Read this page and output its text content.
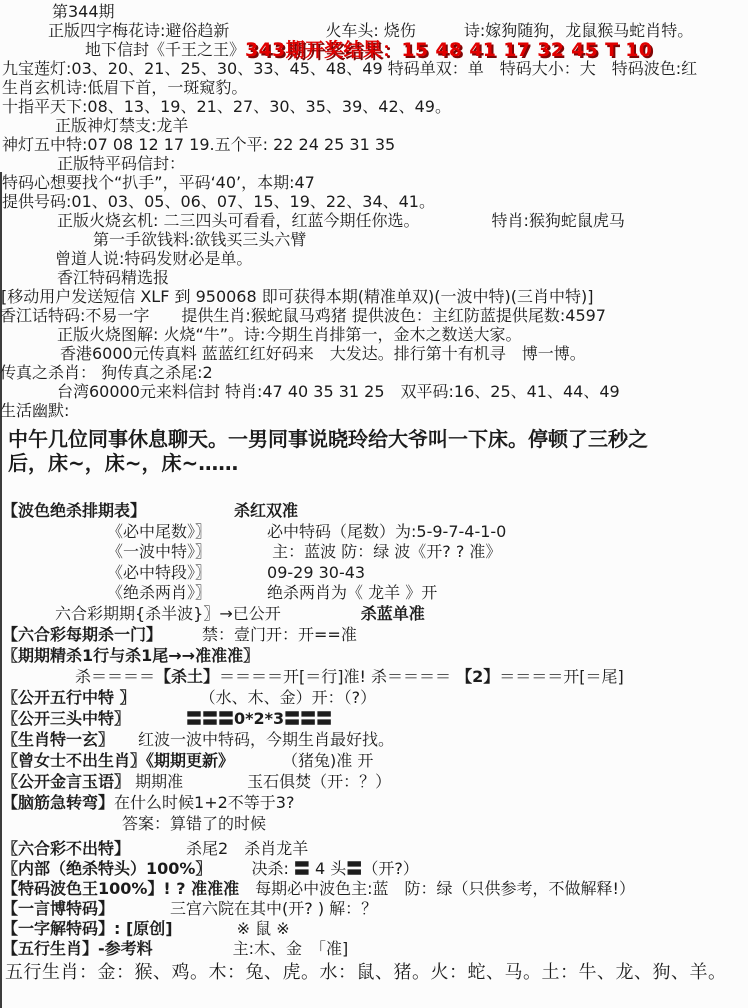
第344期
正版四字梅花诗:避俗趋新　　　　　　火车头: 烧伤　　　诗:嫁狗随狗，龙鼠猴马蛇肖特。
地下信封《千王之王》343期开奖结果：15 48 41 17 32 45 T 10
九宝莲灯:03、20、21、25、30、33、45、48、49 特码单双：单　特码大小：大　特码波色:红
生肖玄机诗:低眉下首，一斑窥豹。
十指平天下:08、13、19、21、27、30、35、39、42、49。
正版神灯禁支:龙羊
神灯五中特:07 08 12 17 19.五个平: 22 24 25 31 35
正版特平码信封：
特码心想要找个“扒手”，平码‘40’，本期:47
提供号码:01、03、05、06、07、15、19、22、34、41。
正版火烧玄机: 二三四头可看看，红蓝今期任你选。　　　　　特肖:猴狗蛇鼠虎马
第一手欲钱料:欲钱买三头六臂
曾道人说:特码发财必是单。
香江特码精选报
[移动用户发送短信 XLF 到 950068 即可获得本期(精准单双)(一波中特)(三肖中特)]
香江话特码:不易一字　　提供生肖:猴蛇鼠马鸡猪 提供波色：主红防蓝提供尾数:4597
正版火烧图解: 火烧“牛”。诗:今期生肖排第一，金木之数送大家。
香港6000元传真料 蓝蓝红红好码来　大发达。排行第十有机寻　博一博。
传真之杀肖： 狗传真之杀尾:2
台湾60000元来料信封 特肖:47 40 35 31 25　双平码:16、25、41、44、49
生活幽默:
中午几位同事休息聊天。一男同事说晓玲给大爷叫一下床。停顿了三秒之
后，床~，床~，床~……
【波色绝杀排期表】　　　　　　	杀红双准
《必中尾数》〗　　　　必中特码（尾数）为:5-9-7-4-1-0
《一波中特》〗　　　　 主：蓝波 防：绿 波《开? ? 准》
《必中特段》〗　　　　09-29 30-43
《绝杀两肖》〗　　　　绝杀两肖为《 龙羊 》开
六合彩期期{杀半波}〗→已公开　　　　　	杀蓝单准
【六合彩每期杀一门】　　　禁：壹门开：开==准
〖期期精杀1行与杀1尾→→准准准〗
杀＝＝＝＝【杀土】＝＝＝＝开[＝行]准! 杀＝＝＝＝ 【2】＝＝＝＝开[＝尾]
〖公开五行中特 〗　　　　　（水、木、金）开：（?）
〖公开三头中特〗　　　　	〓〓〓0*2*3〓〓〓
〖生肖特一玄〗　　红波一波中特码，今期生肖最好找。
〖曾女士不出生肖〗《期期更新》　　　　（猪兔)准 开
〖公开金言玉语〗 期期准　　　　玉石俱焚（开：？）
【脑筋急转弯】在什么时候1+2不等于3?
答案：算错了的时候
〖六合彩不出特】　　　　杀尾2　杀肖龙羊
〖内部（绝杀特头）100%〗　　　决杀: 〓 4 头〓（开?）
【特码波色王100%】! ? 准准准　每期必中波色主:蓝　防：绿（只供参考，不做解释!）
【一言博特码】　　　　三宫六院在其中(开? ) 解：？
【一字解特码】: [原创]　　　　※ 鼠 ※
【五行生肖】-参考料　　　　　主:木、金　「准]
五行生肖：金：猴、鸡。木：兔、虎。水：鼠、猪。火：蛇、马。土：牛、龙、狗、羊。
